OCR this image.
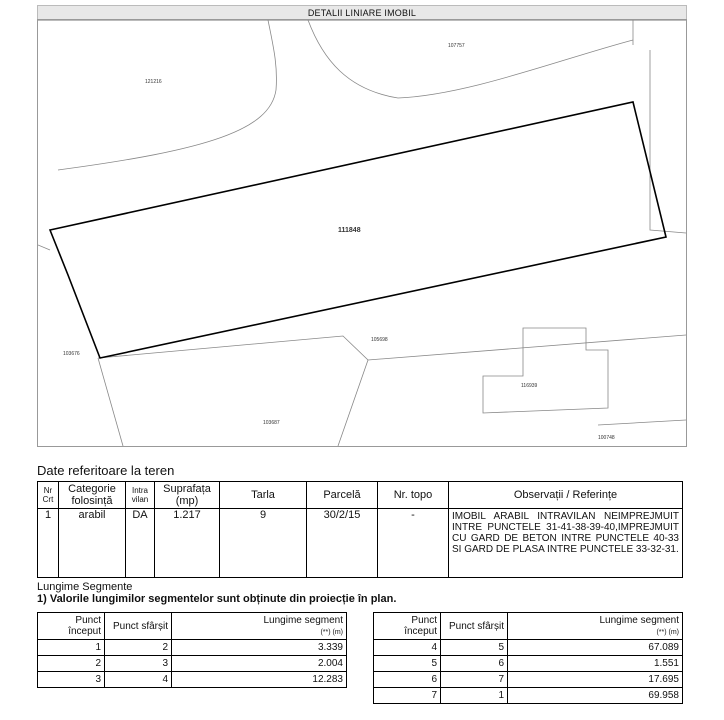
DETALII LINIARE IMOBIL
111848
107757
121216
103676
105698
116939
103687
100748
Date referitoare la teren
Nr Crt	Categorie folosință	Intra vilan	Suprafața (mp)	Tarla	Parcelă	Nr. topo	Observații / Referințe
1	arabil	DA	1.217	9	30/2/15	-	IMOBIL ARABIL INTRAVILAN NEIMPREJMUIT INTRE PUNCTELE 31-41-38-39-40,IMPREJMUIT CU GARD DE BETON INTRE PUNCTELE 40-33 SI GARD DE PLASA INTRE PUNCTELE 33-32-31.
Lungime Segmente
1) Valorile lungimilor segmentelor sunt obținute din proiecție în plan.
Punct început	Punct sfârșit	Lungime segment
(**) (m)
1	2	3.339
2	3	2.004
3	4	12.283
Punct început	Punct sfârșit	Lungime segment
(**) (m)
4	5	67.089
5	6	1.551
6	7	17.695
7	1	69.958
